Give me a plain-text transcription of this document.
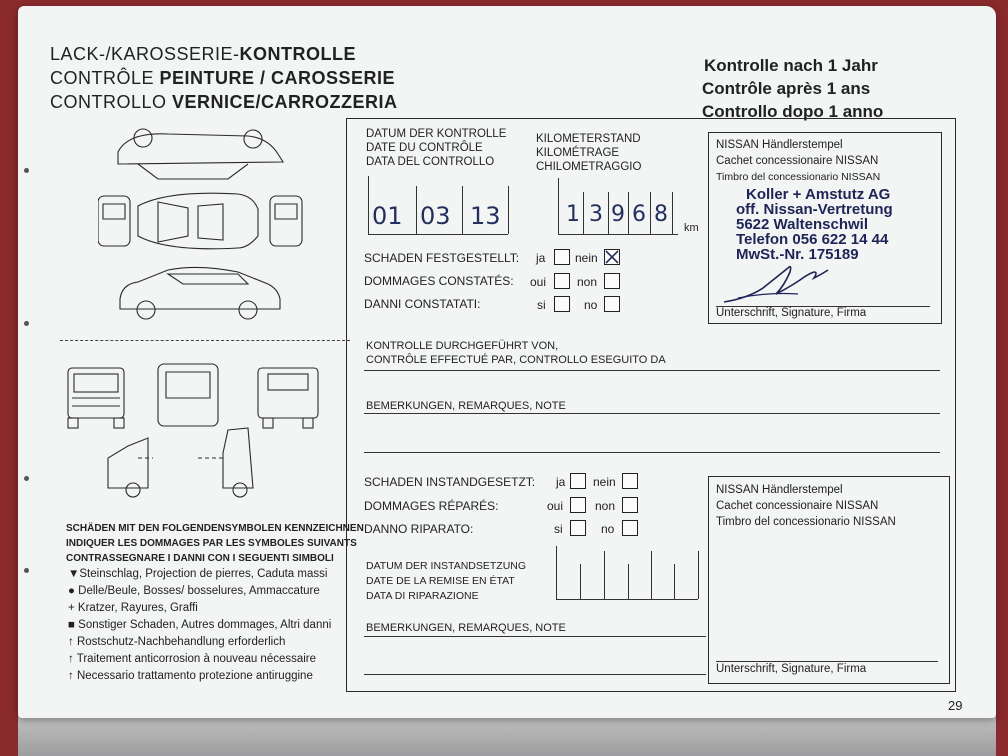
LACK-/KAROSSERIE-KONTROLLE
CONTRÔLE PEINTURE / CAROSSERIE
CONTROLLO VERNICE/CARROZZERIA
Kontrolle nach 1 Jahr
Contrôle après 1 ans
Controllo dopo 1 anno
SCHÄDEN MIT DEN FOLGENDENSYMBOLEN KENNZEICHNEN
INDIQUER LES DOMMAGES PAR LES SYMBOLES SUIVANTS
CONTRASSEGNARE I DANNI CON I SEGUENTI SIMBOLI
▼Steinschlag, Projection de pierres, Caduta massi
● Delle/Beule, Bosses/ bosselures, Ammaccature
+ Kratzer, Rayures, Graffi
■ Sonstiger Schaden, Autres dommages, Altri danni
↑ Rostschutz-Nachbehandlung erforderlich
↑ Traitement anticorrosion à nouveau nécessaire
↑ Necessario trattamento protezione antiruggine
DATUM DER KONTROLLE
DATE DU CONTRÔLE
DATA DEL CONTROLLO
KILOMETERSTAND
KILOMÉTRAGE
CHILOMETRAGGIO
01 03 13	1 3 9 6 8
km
SCHADEN FESTGESTELLT: ja nein
DOMMAGES CONSTATÉS: oui	non
DANNI CONSTATATI:	si	no
NISSAN Händlerstempel
Cachet concessionaire NISSAN
Timbro del concessionario NISSAN
Koller + Amstutz AG
off. Nissan-Vertretung
5622 Waltenschwil
Telefon 056 622 14 44
MwSt.-Nr. 175189
Unterschrift, Signature, Firma
KONTROLLE DURCHGEFÜHRT VON,
CONTRÔLE EFFECTUÉ PAR, CONTROLLO ESEGUITO DA
BEMERKUNGEN, REMARQUES, NOTE
SCHADEN INSTANDGESETZT: ja nein
DOMMAGES RÉPARÉS:	oui	non
DANNO RIPARATO:	si	no
DATUM DER INSTANDSETZUNG
DATE DE LA REMISE EN ÉTAT
DATA DI RIPARAZIONE
BEMERKUNGEN, REMARQUES, NOTE
NISSAN Händlerstempel
Cachet concessionaire NISSAN
Timbro del concessionario NISSAN
Unterschrift, Signature, Firma
29
